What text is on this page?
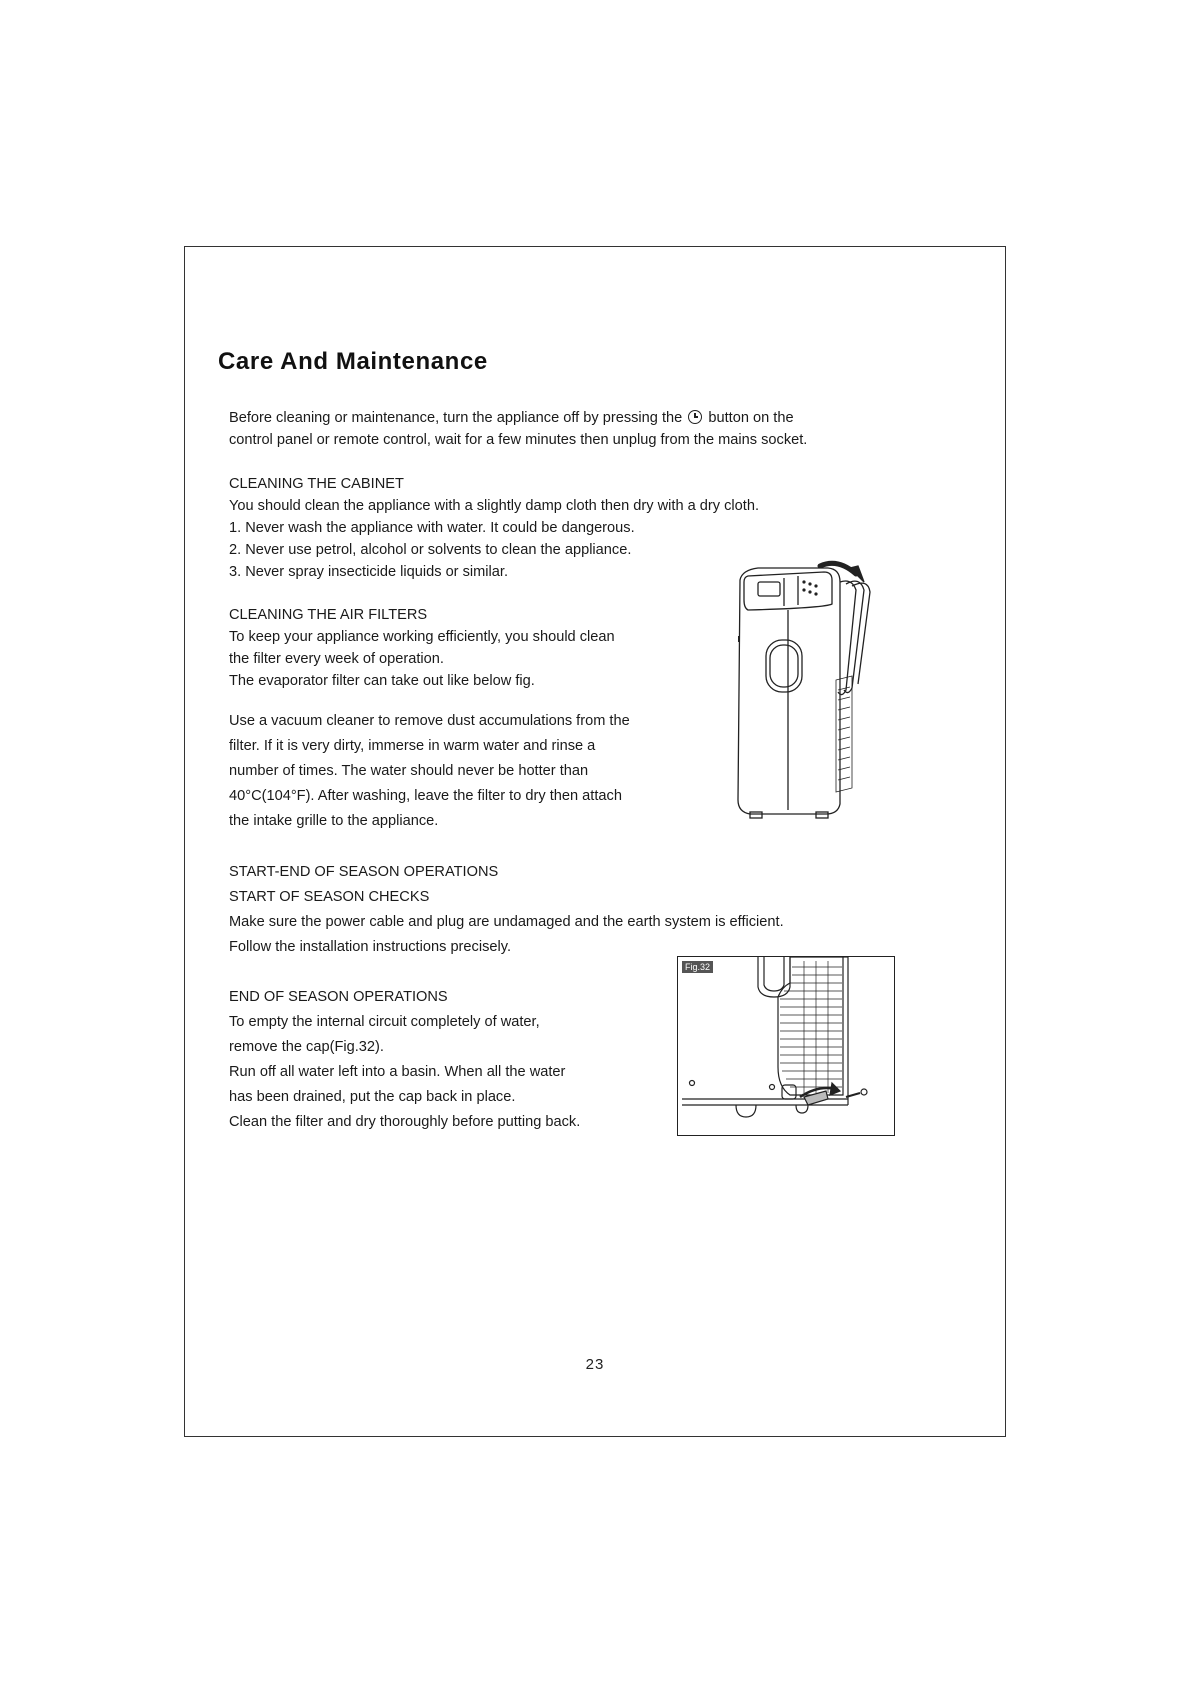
Care And Maintenance
Before cleaning or maintenance, turn the appliance off by pressing the button on the
control panel or remote control, wait for a few minutes then unplug from the mains socket.
CLEANING THE CABINET
You should clean the appliance with a slightly damp cloth then dry with a dry cloth.
1. Never wash the appliance with water. It could be dangerous.
2. Never use petrol, alcohol or solvents to clean the appliance.
3. Never spray insecticide liquids or similar.
CLEANING THE AIR FILTERS
To keep your appliance working efficiently, you should clean
the filter every week of operation.
The evaporator filter can take out like below fig.
Use a vacuum cleaner to remove dust accumulations from the
filter. If it is very dirty, immerse in warm water and rinse a
number of times. The water should never be hotter than
40°C(104°F). After washing, leave the filter to dry then attach
the intake grille to the appliance.
START-END OF SEASON OPERATIONS
START OF SEASON CHECKS
Make sure the power cable and plug are undamaged and the earth system is efficient.
Follow the installation instructions precisely.
END OF SEASON OPERATIONS
To empty the internal circuit completely of water,
remove the cap(Fig.32).
Run off all water left into a basin. When all the water
has been drained, put the cap back in place.
Clean the filter and dry thoroughly before putting back.
Fig.32
23
